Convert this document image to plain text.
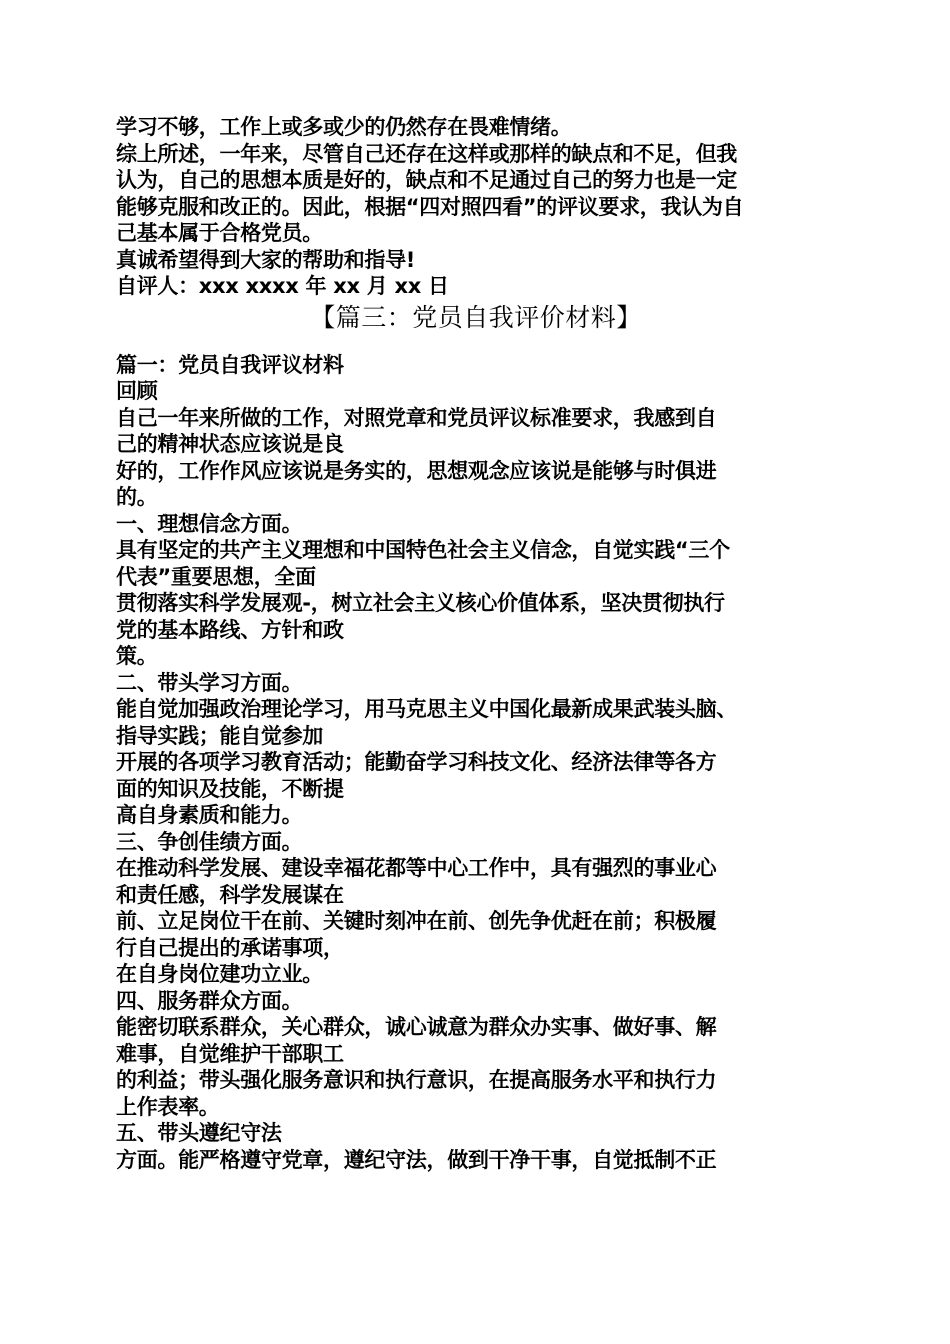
学习不够，工作上或多或少的仍然存在畏难情绪。
综上所述，一年来，尽管自己还存在这样或那样的缺点和不足，但我
认为，自己的思想本质是好的，缺点和不足通过自己的努力也是一定
能够克服和改正的。因此，根据“四对照四看”的评议要求，我认为自
己基本属于合格党员。
真诚希望得到大家的帮助和指导!
自评人：xxx xxxx 年 xx 月 xx 日
【篇三：党员自我评价材料】
篇一：党员自我评议材料
回顾
自己一年来所做的工作，对照党章和党员评议标准要求，我感到自
己的精神状态应该说是良
好的，工作作风应该说是务实的，思想观念应该说是能够与时俱进
的。
一、理想信念方面。
具有坚定的共产主义理想和中国特色社会主义信念，自觉实践“三个
代表”重要思想，全面
贯彻落实科学发展观-，树立社会主义核心价值体系，坚决贯彻执行
党的基本路线、方针和政
策。
二、带头学习方面。
能自觉加强政治理论学习，用马克思主义中国化最新成果武装头脑、
指导实践；能自觉参加
开展的各项学习教育活动；能勤奋学习科技文化、经济法律等各方
面的知识及技能，不断提
高自身素质和能力。
三、争创佳绩方面。
在推动科学发展、建设幸福花都等中心工作中，具有强烈的事业心
和责任感，科学发展谋在
前、立足岗位干在前、关键时刻冲在前、创先争优赶在前；积极履
行自己提出的承诺事项，
在自身岗位建功立业。
四、服务群众方面。
能密切联系群众，关心群众，诚心诚意为群众办实事、做好事、解
难事，自觉维护干部职工
的利益；带头强化服务意识和执行意识，在提高服务水平和执行力
上作表率。
五、带头遵纪守法
方面。能严格遵守党章，遵纪守法，做到干净干事，自觉抵制不正
